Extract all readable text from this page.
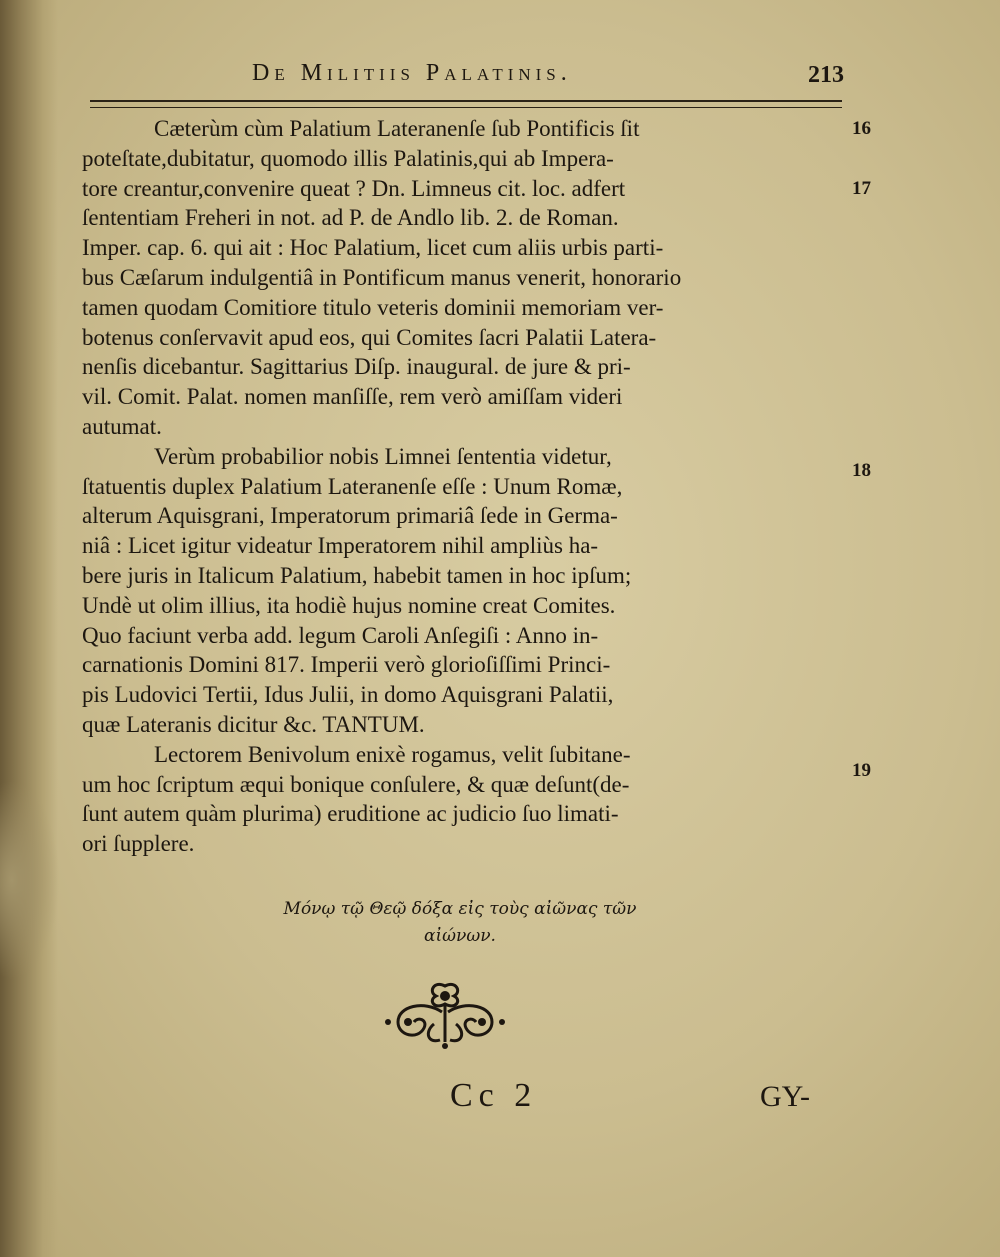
De Militiis Palatinis.	213
Cæterùm cùm Palatium Lateranenſe ſub Pontificis ſit
poteſtate,dubitatur, quomodo illis Palatinis,qui ab Impera-
tore creantur,convenire queat ? Dn. Limneus cit. loc. adfert
ſententiam Freheri in not. ad P. de Andlo lib. 2. de Roman.
Imper. cap. 6. qui ait : Hoc Palatium, licet cum aliis urbis parti-
bus Cæſarum indulgentiâ in Pontificum manus venerit, honorario
tamen quodam Comitiore titulo veteris dominii memoriam ver-
botenus conſervavit apud eos, qui Comites ſacri Palatii Latera-
nenſis dicebantur. Sagittarius Diſp. inaugural. de jure & pri-
vil. Comit. Palat. nomen manſiſſe, rem verò amiſſam videri
autumat.
Verùm probabilior nobis Limnei ſententia videtur,
ſtatuentis duplex Palatium Lateranenſe eſſe : Unum Romæ,
alterum Aquisgrani, Imperatorum primariâ ſede in Germa-
niâ : Licet igitur videatur Imperatorem nihil ampliùs ha-
bere juris in Italicum Palatium, habebit tamen in hoc ipſum;
Undè ut olim illius, ita hodiè hujus nomine creat Comites.
Quo faciunt verba add. legum Caroli Anſegiſi : Anno in-
carnationis Domini 817. Imperii verò glorioſiſſimi Princi-
pis Ludovici Tertii, Idus Julii, in domo Aquisgrani Palatii,
quæ Lateranis dicitur &c. TANTUM.
Lectorem Benivolum enixè rogamus, velit ſubitane-
um hoc ſcriptum æqui bonique conſulere, & quæ deſunt(de-
ſunt autem quàm plurima) eruditione ac judicio ſuo limati-
ori ſupplere.
16
17
18
19
Μόνῳ τῷ Θεῷ δόξα εἰς τοὺς αἰῶνας τῶν
αἰώνων.
Cc 2	GY-
